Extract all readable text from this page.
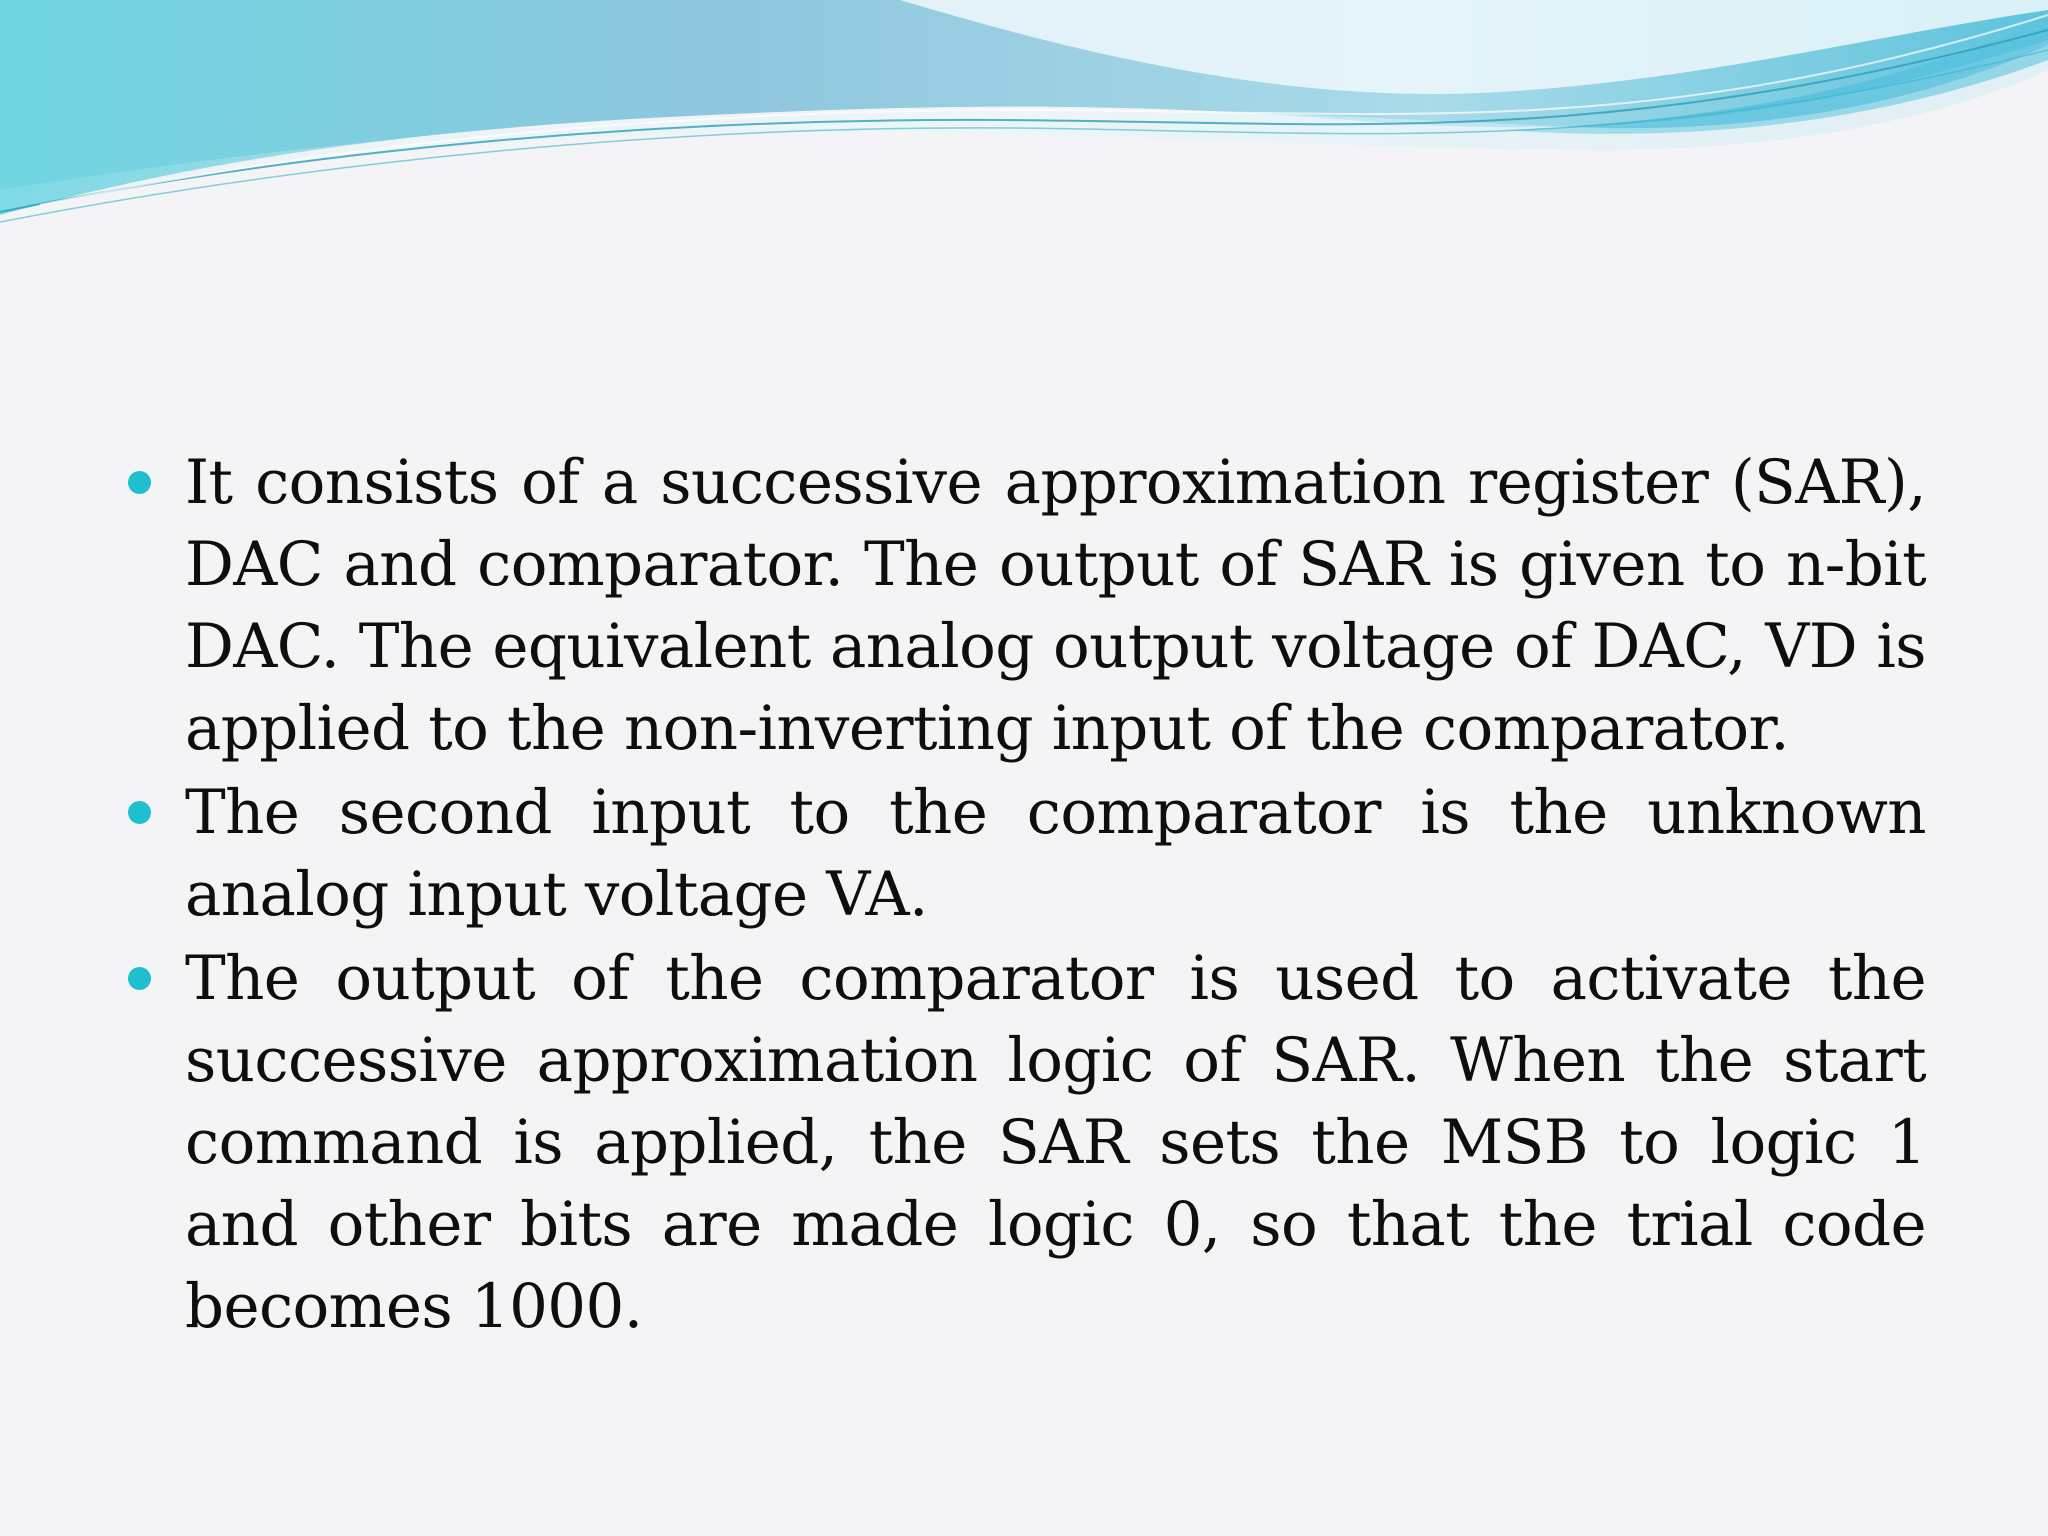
It consists of a successive approximation register (SAR), DAC and comparator. The output of SAR is given to n-bit DAC. The equivalent analog output voltage of DAC, VD is applied to the non-inverting input of the comparator.
The second input to the comparator is the unknown analog input voltage VA.
The output of the comparator is used to activate the successive approximation logic of SAR. When the start command is applied, the SAR sets the MSB to logic 1 and other bits are made logic 0, so that the trial code becomes 1000.
